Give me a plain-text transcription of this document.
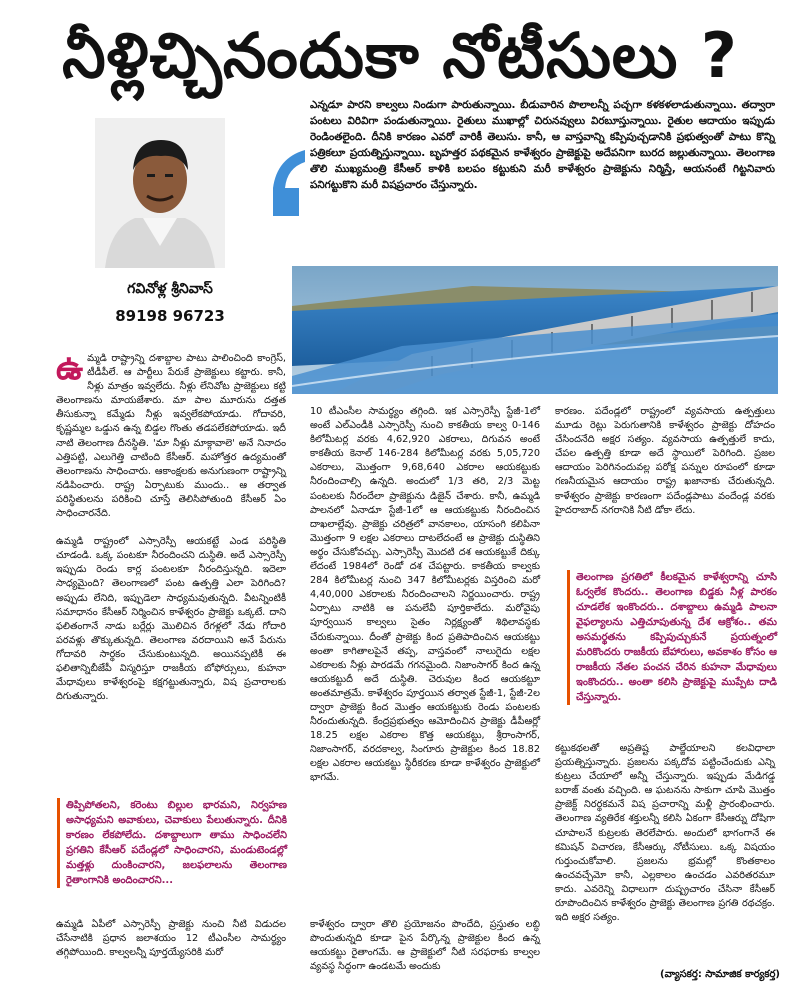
నీళ్లిచ్చినందుకా నోటీసులు ?
గవినోళ్ల శ్రీనివాస్
89198 96723
ఎన్నడూ పారని కాల్వలు నిండుగా పారుతున్నాయి. బీడువారిన పొలాలన్నీ పచ్చగా కళకళలాడుతున్నాయి. తద్వారా పంటలు విరివిగా పండుతున్నాయి. రైతులు ముఖాల్లో చిరునవ్వులు విరబూస్తున్నాయి. రైతుల ఆదాయం ఇప్పుడు రెండింతలైంది. దీనికి కారణం ఎవరో వారికీ తెలుసు. కానీ, ఆ వాస్తవాన్ని కప్పిపుచ్చడానికి ప్రభుత్వంతో పాటు కొన్ని పత్రికలూ ప్రయత్నిస్తున్నాయి. బృహత్తర పథకమైన కాళేశ్వరం ప్రాజెక్టుపై అదేపనిగా బురద జల్లుతున్నాయి. తెలంగాణ తొలి ముఖ్యమంత్రి కేసీఆర్ కాళికి బలపం కట్టుకుని మరీ కాళేశ్వరం ప్రాజెక్టును నిర్మిస్తే, ఆయనంటే గిట్టనివారు పనిగట్టుకొని మరీ విషప్రచారం చేస్తున్నారు.

ఉమ్మడి రాష్ట్రాన్ని దశాబ్దాల పాటు పాలించింది కాంగ్రెస్, టీడీపీలే. ఆ పార్టీలు పేరుకే ప్రాజెక్టులు కట్టారు. కానీ, నీళ్లు మాత్రం ఇవ్వలేదు. నీళ్లు లేనివోట ప్రాజెక్టులు కట్టి తెలంగాణను మాయజేశారు. మా పాల మూరును దత్తత తీసుకున్నా కమ్మేడు నీళ్లు ఇవ్వలేకపోయాడు. గోదావరి, కృష్ణమ్మల ఒడ్డున ఉన్న బిడ్డల గొంతు తడపలేకపోయాడు. ఇదీ నాటి తెలంగాణ దీనస్థితి. 'మా నీళ్లు మాక్గావాలె' అనే నినాదం ఎత్తిపట్టి, ఎలుగెత్తి చాటింది కేసీఆర్. మహోత్తర ఉద్యమంతో తెలంగాణను సాధించారు. ఆకాంక్షలకు అనుగుణంగా రాష్ట్రాన్ని నడిపించారు. రాష్ట్ర ఏర్పాటుకు ముందు.. ఆ తర్వాత పరిస్థితులను పరికించి చూస్తే తెలిసిపోతుంది కేసీఆర్ ఏం సాధించారనేది.

ఉమ్మడి రాష్ట్రంలో ఎస్సారెస్పీ ఆయకట్టే ఎండ పరిస్థితి చూడండి. ఒక్క పంటకూ నీరందించని దుస్థితి. అదే ఎస్సారెస్పీ ఇప్పుడు రెండు కార్ల పంటలకూ నీరందిస్తున్నది. ఇదెలా సాధ్యమైంది? తెలంగాణలో పంట ఉత్పత్తి ఎలా పెరిగింది? అప్పుడు లేనిది, ఇప్పుడెలా సాధ్యమవుతున్నది. వీటన్నింటికీ సమాధానం కేసీఆర్ నిర్మించిన కాళేశ్వరం ప్రాజెక్టు ఒక్కటే. దాని ఫలితంగానే నాడు బర్లేర్లు మొలిచిన రేగళ్లలో నేడు గోదారి పరవళ్లు తొక్కుతున్నది. తెలంగాణ వరదాయిని అనే పేరును గోదావరి సార్థకం చేసుకుంటున్నది. అయినప్పటికీ ఈ ఫలితాన్నిబీజేపీ విస్మరిస్తూ రాజకీయ బోఫోర్సులు, కుహనా మేధావులు కాళేశ్వరంపై కక్షగట్టుతున్నారు, విష ప్రచారాలకు దిగుతున్నారు.

తిప్పిపోతలని, కరెంటు బిల్లుల భారమని, నిర్వహణ అసాధ్యమని అవాకులు, చెవాకులు పేలుతున్నారు. దీనికి కారణం లేకపోలేదు. దశాబ్దాలుగా తాము సాధించలేని ప్రగతిని కేసీఆర్ పదేండ్లలో సాధించారని, మండుటెండల్లో మత్తళ్లు దుంకించారని, జలఫలాలను తెలంగాణ రైతాంగానికి అందించారని...
ఉమ్మడి ఏపీలో ఎస్సారెస్పీ ప్రాజెక్టు నుంచి నీటి విడుదల చేసేనాటికి ప్రధాన జలాశయం 12 టీఎంసీల సామర్థ్యం తగ్గిపోయింది. కాల్వలన్నీ పూర్తయ్యేసరికి మరో
10 టీఎంసీల సామర్థ్యం తగ్గింది. ఇక ఎస్సారెస్పీ స్టేజీ-1లో అంటే ఎల్ఎండీకి ఎస్సారెస్పీ నుంచి కాకతీయ కాల్వ 0-146 కిలోమీటర్ల వరకు 4,62,920 ఎకరాలు, దిగువన అంటే కాకతీయ కెనాల్ 146-284 కిలోమీటర్ల వరకు 5,05,720 ఎకరాలు, మొత్తంగా 9,68,640 ఎకరాల ఆయకట్టుకు నీరందించాల్సి ఉన్నది. అందులో 1/3 తరి, 2/3 మెట్ట పంటలకు నీరందేలా ప్రాజెక్టును డిజైన్ చేశారు. కానీ, ఉమ్మడి పాలనలో ఏనాడూ స్టేజీ-1లో ఆ ఆయకట్టుకు నీరందించిన దాఖలాల్లేవు. ప్రాజెక్టు చరిత్రలో వానకాలం, యాసంగి కలిపినా మొత్తంగా 9 లక్షల ఎకరాలు దాటలేదంటే ఆ ప్రాజెక్టు దుస్థితిని అర్థం చేసుకోవచ్చు. ఎస్సారెస్పీ మొదటి దశ ఆయకట్టుకే దిక్కు లేదంటే 1984లో రెండో దశ చేపట్టారు. కాకతీయ కాల్వకు 284 కిలోమీటర్ల నుంచి 347 కిలోమీటర్లకు విస్తరించి మరో 4,40,000 ఎకరాలకు నీరందించాలని నిర్ణయించారు. రాష్ట్ర ఏర్పాటు నాటికి ఆ పనులేవీ పూర్తికాలేదు. మరోవైపు పూర్వయిన కాల్వలు సైతం నిర్లక్ష్యంతో శిథిలావస్థకు చేరుకున్నాయి. దీంతో ప్రాజెక్టు కింద ప్రతిపాదించిన ఆయకట్టు అంతా కాగితాలపైనే తప్ప, వాస్తవంలో నాలుగైదు లక్షల ఎకరాలకు నీళ్లు పారడమే గగనమైంది. నిజాంసాగర్ కింద ఉన్న ఆయకట్టుదీ అదే దుస్థితి. చెరువుల కింద ఆయకట్టూ అంతమాత్రమే. కాళేశ్వరం పూర్తయిన తర్వాత స్టేజీ-1, స్టేజీ-2ల ద్వారా ప్రాజెక్టు కింద మొత్తం ఆయకట్టుకు రెండు పంటలకు నీరందుతున్నది. కేంద్రప్రభుత్వం ఆమోదించిన ప్రాజెక్టు డీపీఆర్లో 18.25 లక్షల ఎకరాల కొత్త ఆయకట్టు, శ్రీరాంసాగర్, నిజాంసాగర్, వరదకాల్వ, సింగూరు ప్రాజెక్టుల కింద 18.82 లక్షల ఎకరాల ఆయకట్టు స్థిరీకరణ కూడా కాళేశ్వరం ప్రాజెక్టులో భాగమే.
కాళేశ్వరం ద్వారా తొలి ప్రయోజనం పొందేది, ప్రస్తుతం లబ్ధి పొందుతున్నది కూడా పైన పేర్కొన్న ప్రాజెక్టుల కింద ఉన్న ఆయకట్టు రైతాంగమే. ఆ ప్రాజెక్టులో నీటి సరఫరాకు కాల్వల వ్యవస్థ సిద్ధంగా ఉండటమే అందుకు
కారణం. పదేండ్లలో రాష్ట్రంలో వ్యవసాయ ఉత్పత్తులు మూడు రెట్లు పెరుగుతానికి కాళేశ్వరం ప్రాజెక్టు దోహదం చేసిందనేది అక్షర సత్యం. వ్యవసాయ ఉత్పత్తులే కాదు, చేపల ఉత్పత్తి కూడా అదే స్థాయిలో పెరిగింది. ప్రజల ఆదాయం పెరిగినందువల్ల పరోక్ష పన్నుల రూపంలో కూడా గణనీయమైన ఆదాయం రాష్ట్ర ఖజానాకు చేరుతున్నది. కాళేశ్వరం ప్రాజెక్టు కారణంగా పదేండ్లపాటు వందేండ్ల వరకు హైదరాబాద్ నగరానికి నీటి డోకా లేదు.
తెలంగాణ ప్రగతిలో కీలకమైన కాళేశ్వరాన్ని చూసి ఓర్వలేక కొందరు.. తెలంగాణ బిడ్డకు నీళ్ల పారకం చూడలేక ఇంకొందరు.. దశాబ్దాలు ఉమ్మడి పాలనా వైఫల్యాలను ఎత్తిచూపుతున్న దేశ ఆక్రోశం.. తమ అసమర్థతను కప్పిపుచ్చుకునే ప్రయత్నంలో మరికొందరు రాజకీయ బేహారులు, అవకాశం కోసం ఆ రాజకీయ నేతల పంచన చేరిన కుహనా మేధావులు ఇంకొందరు.. అంతా కలిసి ప్రాజెక్టుపై ముప్పేట దాడి చేస్తున్నారు.
కట్టుకథలతో అప్రతిష్ట పాల్జేయాలని కలవిధాలా ప్రయత్నిస్తున్నారు. ప్రజలను పక్కదోవ పట్టించేందుకు ఎన్ని కుట్రలు చేయాలో అన్నీ చేస్తున్నారు. ఇప్పుడు మేడిగడ్డ బరాజ్ వంతు వచ్చింది. ఆ ఘటనను సాకుగా చూపి మొత్తం ప్రాజెక్ట్ నిరర్థకమనే విష ప్రచారాన్ని మళ్లీ ప్రారంభించారు. తెలంగాణ వ్యతిరేక శక్తులన్నీ కలిసి ఏకంగా కేసీఆర్ను దోషిగా చూపాలనే కుట్రలకు తెరలేపారు. అందులో భాగంగానే ఈ కమిషన్ విచారణ, కేసీఆర్కు నోటీసులు. ఒక్క విషయం గుర్తుంచుకోవాలి. ప్రజలను భ్రమల్లో కొంతకాలం ఉంచవచ్చేమో కానీ, ఎల్లకాలం ఉంచడం ఎవరితరమూ కాదు. ఎవరెన్ని విధాలుగా దుష్ప్రచారం చేసినా కేసీఆర్ రూపొందించిన కాళేశ్వరం ప్రాజెక్టు తెలంగాణ ప్రగతి రథచక్రం. ఇది అక్షర సత్యం.
(వ్యాసకర్త: సామాజిక కార్యకర్త)
